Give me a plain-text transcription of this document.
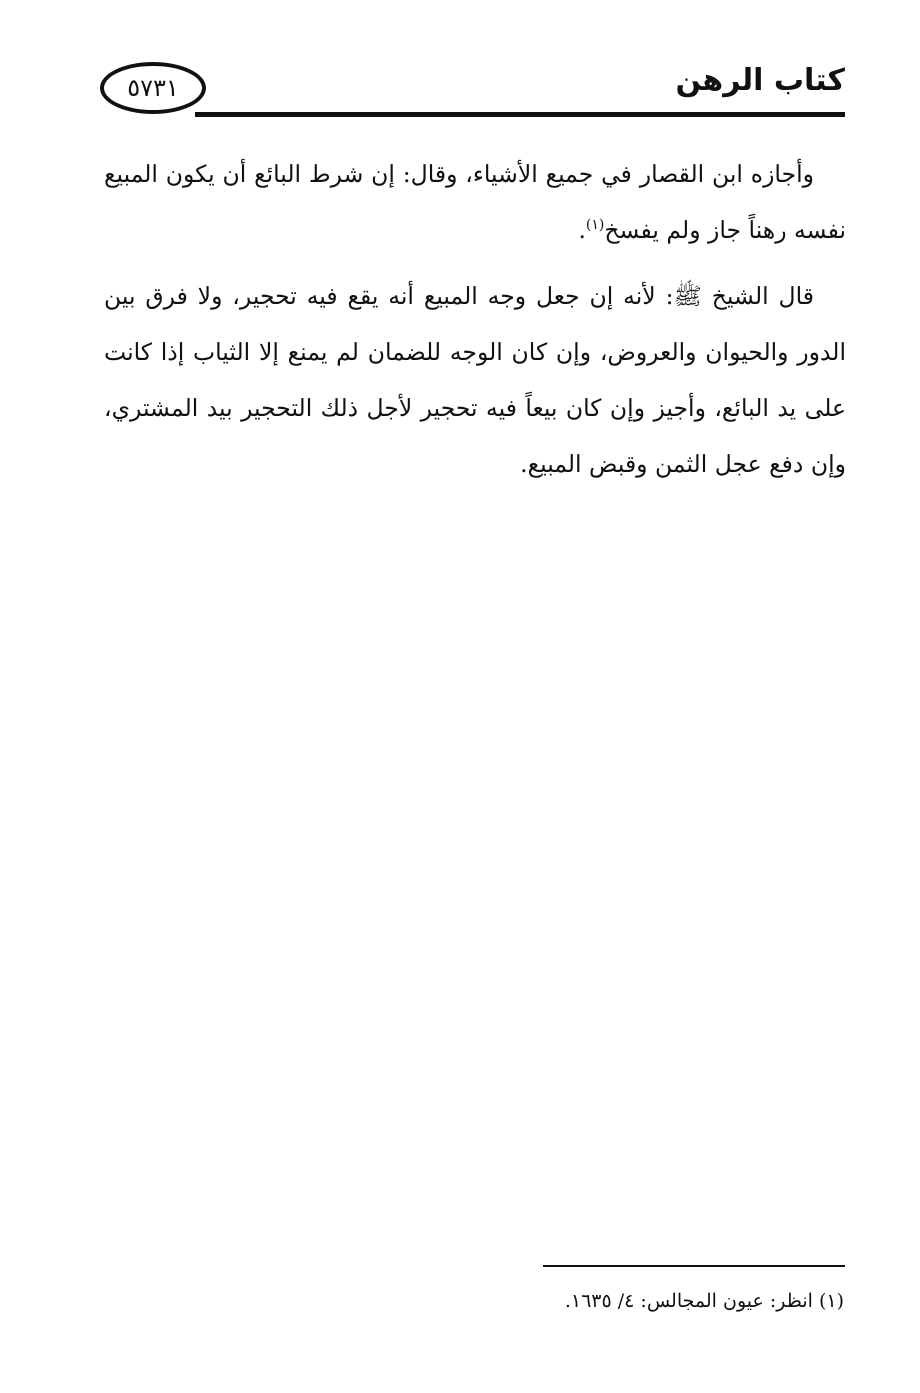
كتاب الرهن
٥٧٣١

وأجازه ابن القصار في جميع الأشياء، وقال: إن شرط البائع أن يكون المبيع نفسه رهناً جاز ولم يفسخ$^{(١)}$.

قال الشيخ ﷺ: لأنه إن جعل وجه المبيع أنه يقع فيه تحجير، ولا فرق بين الدور والحيوان والعروض، وإن كان الوجه للضمان لم يمنع إلا الثياب إذا كانت على يد البائع، وأجيز وإن كان بيعاً فيه تحجير لأجل ذلك التحجير بيد المشتري، وإن دفع عجل الثمن وقبض المبيع.

(١) انظر: عيون المجالس: ٤/ ١٦٣٥.
